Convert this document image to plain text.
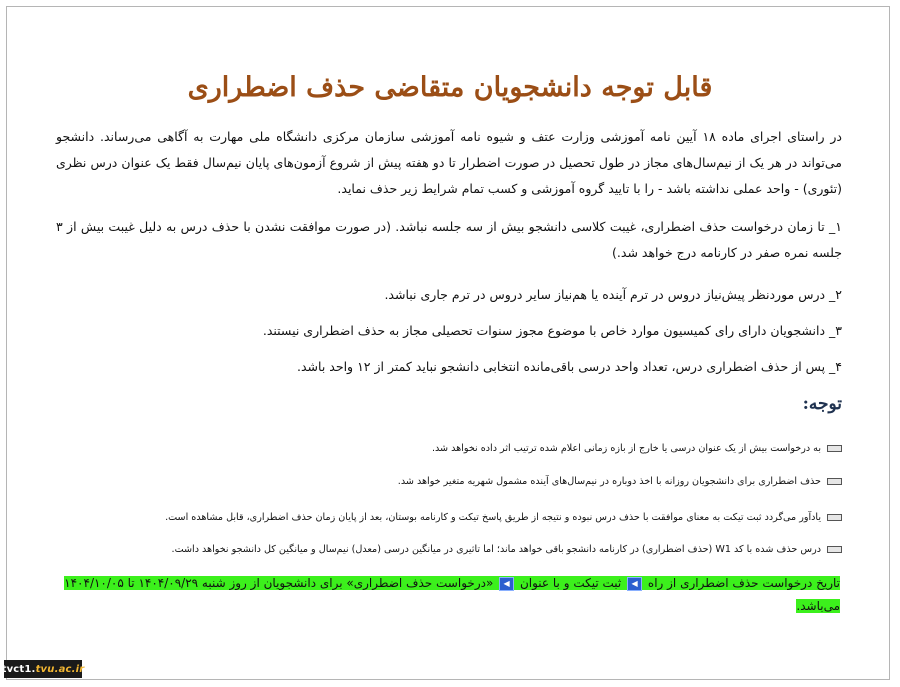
قابل توجه دانشجویان متقاضی حذف اضطراری

در راستای اجرای ماده ۱۸ آیین نامه آموزشی وزارت عتف و شیوه نامه آموزشی سازمان مرکزی دانشگاه ملی مهارت به آگاهی می‌رساند. دانشجو می‌تواند در هر یک از نیم‌سال‌های مجاز در طول تحصیل در صورت اضطرار تا دو هفته پیش از شروع آزمون‌های پایان نیم‌سال فقط یک عنوان درس نظری (تئوری) - واحد عملی نداشته باشد - را با تایید گروه آموزشی و کسب تمام شرایط زیر حذف نماید.

۱_ تا زمان درخواست حذف اضطراری، غیبت کلاسی دانشجو بیش از سه جلسه نباشد. (در صورت موافقت نشدن با حذف درس به دلیل غیبت بیش از ۳ جلسه نمره صفر در کارنامه درج خواهد شد.)

۲_ درس موردنظر پیش‌نیاز دروس در ترم آینده یا هم‌نیاز سایر دروس در ترم جاری نباشد.

۳_ دانشجویان دارای رای کمیسیون موارد خاص با موضوع مجوز سنوات تحصیلی مجاز به حذف اضطراری نیستند.

۴_ پس از حذف اضطراری درس، تعداد واحد درسی باقی‌مانده انتخابی دانشجو نباید کمتر از ۱۲ واحد باشد.

توجه:
به درخواست بیش از یک عنوان درسی یا خارج از بازه زمانی اعلام شده ترتیب اثر داده نخواهد شد.
حذف اضطراری برای دانشجویان روزانه با اخذ دوباره در نیم‌سال‌های آینده مشمول شهریه متغیر خواهد شد.
یادآور می‌گردد ثبت تیکت به معنای موافقت با حذف درس نبوده و نتیجه از طریق پاسخ تیکت و کارنامه بوستان، بعد از پایان زمان حذف اضطراری، قابل مشاهده است.
درس حذف شده با کد W1 (حذف اضطراری) در کارنامه دانشجو باقی خواهد ماند؛ اما تاثیری در میانگین درسی (معدل) نیم‌سال و میانگین کل دانشجو نخواهد داشت.
تاریخ درخواست حذف اضطراری از راه ◀ ثبت تیکت و با عنوان ◀ «درخواست حذف اضطراری» برای دانشجویان از روز شنبه ۱۴۰۴/۰۹/۲۹ تا ۱۴۰۴/۱۰/۰۵ می‌باشد.
tvct1. tvu.ac.ir
